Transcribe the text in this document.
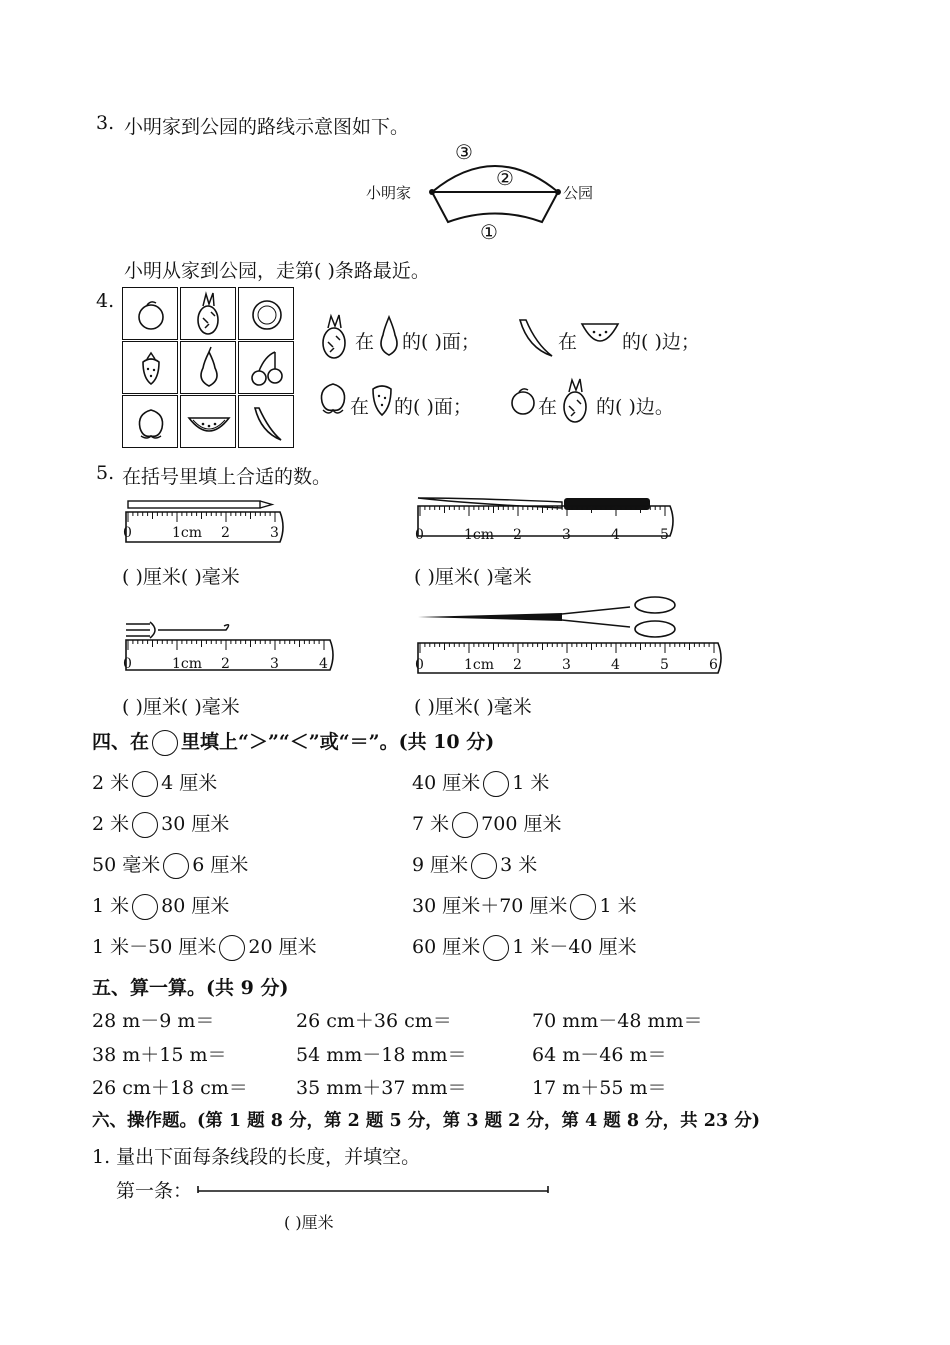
3. 小明家到公园的路线示意图如下。
小明家	公园
③
②
①
小明从家到公园，走第( )条路最近。
4.
在 的( )面；	在 的( )边；
在 的( )面；	在 的( )边。
5. 在括号里填上合适的数。
0	1cm 2	3	0	1cm 2	3	4	5
0	1cm 2	3	4	0	1cm 2	3	4	5	6
( )厘米( )毫米	( )厘米( )毫米
( )厘米( )毫米	( )厘米( )毫米
四、在 里填上“＞”“＜”或“＝”。(共 10 分)
2 米 4 厘米	40 厘米 1 米
2 米 30 厘米	7 米 700 厘米
50 毫米 6 厘米	9 厘米 3 米
1 米 80 厘米	30 厘米＋70 厘米 1 米
1 米－50 厘米 20 厘米	60 厘米 1 米－40 厘米
五、算一算。(共 9 分)
28 m－9 m＝	26 cm＋36 cm＝	70 mm－48 mm＝
38 m＋15 m＝	54 mm－18 mm＝	64 m－46 m＝
26 cm＋18 cm＝	35 mm＋37 mm＝	17 m＋55 m＝
六、操作题。(第 1 题 8 分，第 2 题 5 分，第 3 题 2 分，第 4 题 8 分，共 23 分)
1. 量出下面每条线段的长度，并填空。
第一条：
( )厘米
